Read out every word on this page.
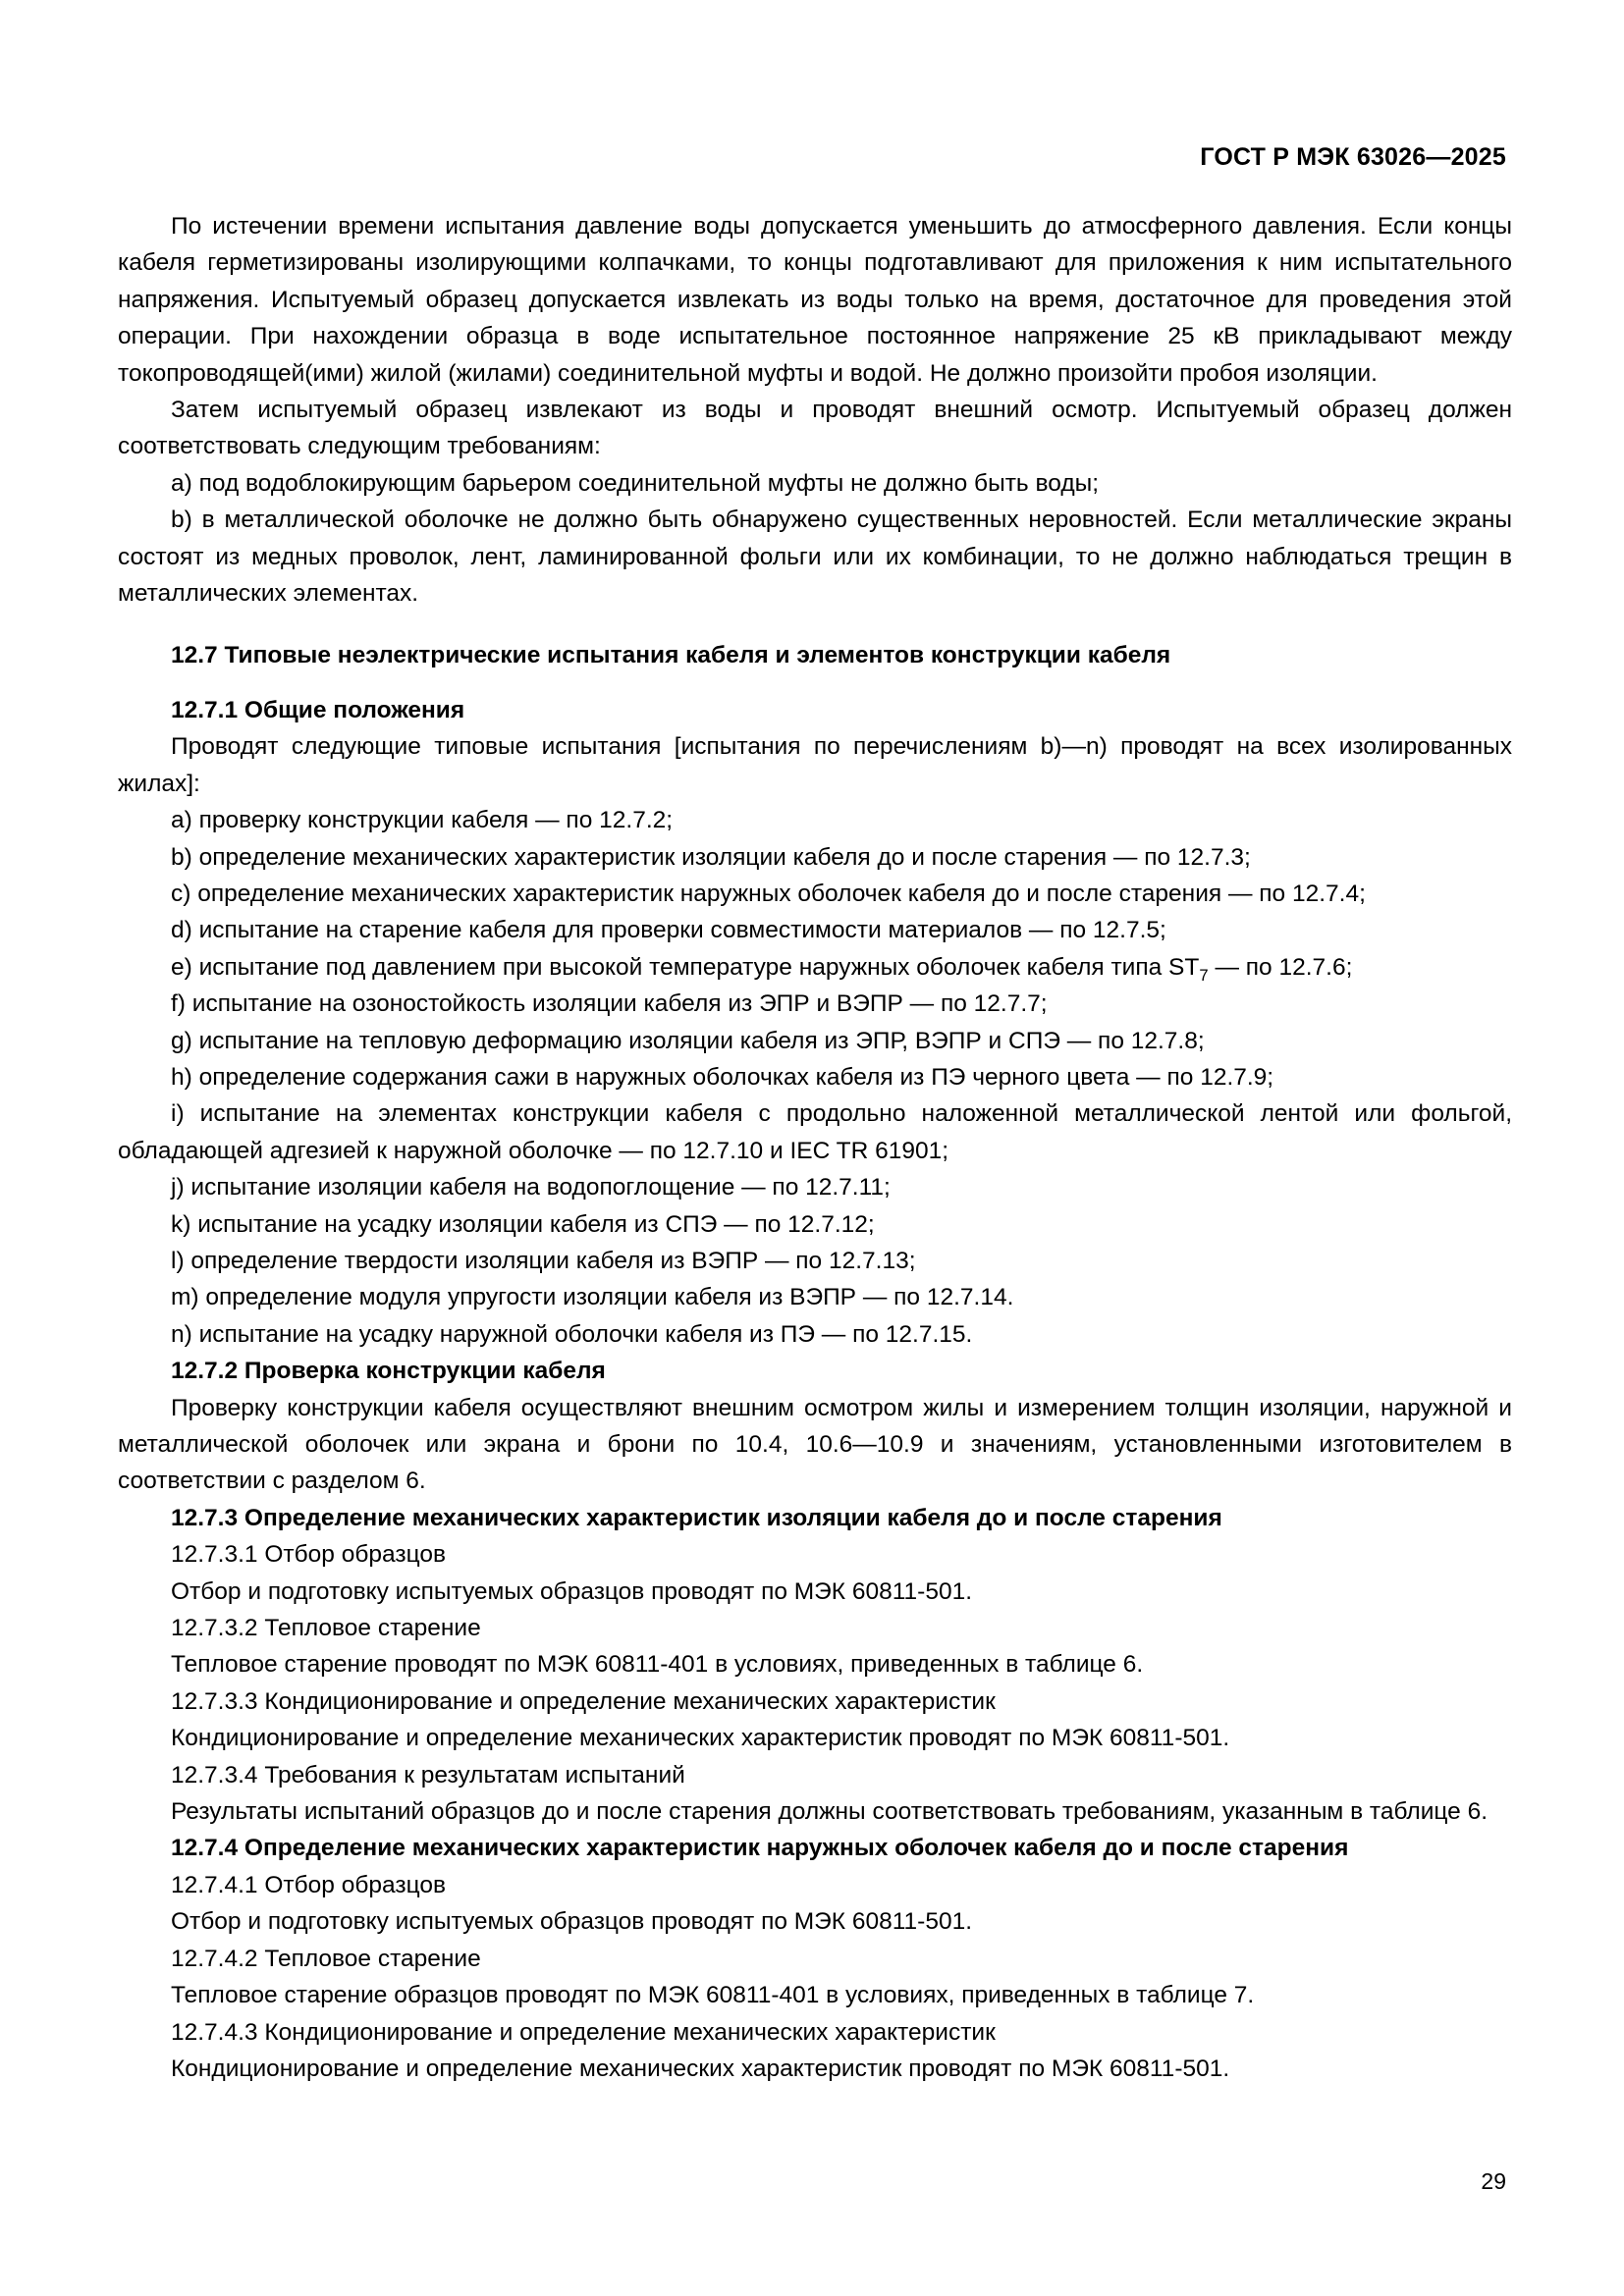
ГОСТ Р МЭК 63026—2025

По истечении времени испытания давление воды допускается уменьшить до атмосферного давления. Если концы кабеля герметизированы изолирующими колпачками, то концы подготавливают для приложения к ним испытательного напряжения. Испытуемый образец допускается извлекать из воды только на время, достаточное для проведения этой операции. При нахождении образца в воде испытательное постоянное напряжение 25 кВ прикладывают между токопроводящей(ими) жилой (жилами) соединительной муфты и водой. Не должно произойти пробоя изоляции.

Затем испытуемый образец извлекают из воды и проводят внешний осмотр. Испытуемый образец должен соответствовать следующим требованиям:

a) под водоблокирующим барьером соединительной муфты не должно быть воды;

b) в металлической оболочке не должно быть обнаружено существенных неровностей. Если металлические экраны состоят из медных проволок, лент, ламинированной фольги или их комбинации, то не должно наблюдаться трещин в металлических элементах.

12.7 Типовые неэлектрические испытания кабеля и элементов конструкции кабеля

12.7.1 Общие положения

Проводят следующие типовые испытания [испытания по перечислениям b)—n) проводят на всех изолированных жилах]:

a) проверку конструкции кабеля — по 12.7.2;

b) определение механических характеристик изоляции кабеля до и после старения — по 12.7.3;

c) определение механических характеристик наружных оболочек кабеля до и после старения — по 12.7.4;

d) испытание на старение кабеля для проверки совместимости материалов — по 12.7.5;

e) испытание под давлением при высокой температуре наружных оболочек кабеля типа $ST_7$ — по 12.7.6;

f) испытание на озоностойкость изоляции кабеля из ЭПР и ВЭПР — по 12.7.7;

g) испытание на тепловую деформацию изоляции кабеля из ЭПР, ВЭПР и СПЭ — по 12.7.8;

h) определение содержания сажи в наружных оболочках кабеля из ПЭ черного цвета — по 12.7.9;

i) испытание на элементах конструкции кабеля с продольно наложенной металлической лентой или фольгой, обладающей адгезией к наружной оболочке — по 12.7.10 и IEC TR 61901;

j) испытание изоляции кабеля на водопоглощение — по 12.7.11;

k) испытание на усадку изоляции кабеля из СПЭ — по 12.7.12;

l) определение твердости изоляции кабеля из ВЭПР — по 12.7.13;

m) определение модуля упругости изоляции кабеля из ВЭПР — по 12.7.14.

n) испытание на усадку наружной оболочки кабеля из ПЭ — по 12.7.15.

12.7.2 Проверка конструкции кабеля

Проверку конструкции кабеля осуществляют внешним осмотром жилы и измерением толщин изоляции, наружной и металлической оболочек или экрана и брони по 10.4, 10.6—10.9 и значениям, установленными изготовителем в соответствии с разделом 6.

12.7.3 Определение механических характеристик изоляции кабеля до и после старения

12.7.3.1 Отбор образцов

Отбор и подготовку испытуемых образцов проводят по МЭК 60811-501.

12.7.3.2 Тепловое старение

Тепловое старение проводят по МЭК 60811-401 в условиях, приведенных в таблице 6.

12.7.3.3 Кондиционирование и определение механических характеристик

Кондиционирование и определение механических характеристик проводят по МЭК 60811-501.

12.7.3.4 Требования к результатам испытаний

Результаты испытаний образцов до и после старения должны соответствовать требованиям, указанным в таблице 6.

12.7.4 Определение механических характеристик наружных оболочек кабеля до и после старения

12.7.4.1 Отбор образцов

Отбор и подготовку испытуемых образцов проводят по МЭК 60811-501.

12.7.4.2 Тепловое старение

Тепловое старение образцов проводят по МЭК 60811-401 в условиях, приведенных в таблице 7.

12.7.4.3 Кондиционирование и определение механических характеристик

Кондиционирование и определение механических характеристик проводят по МЭК 60811-501.

29
